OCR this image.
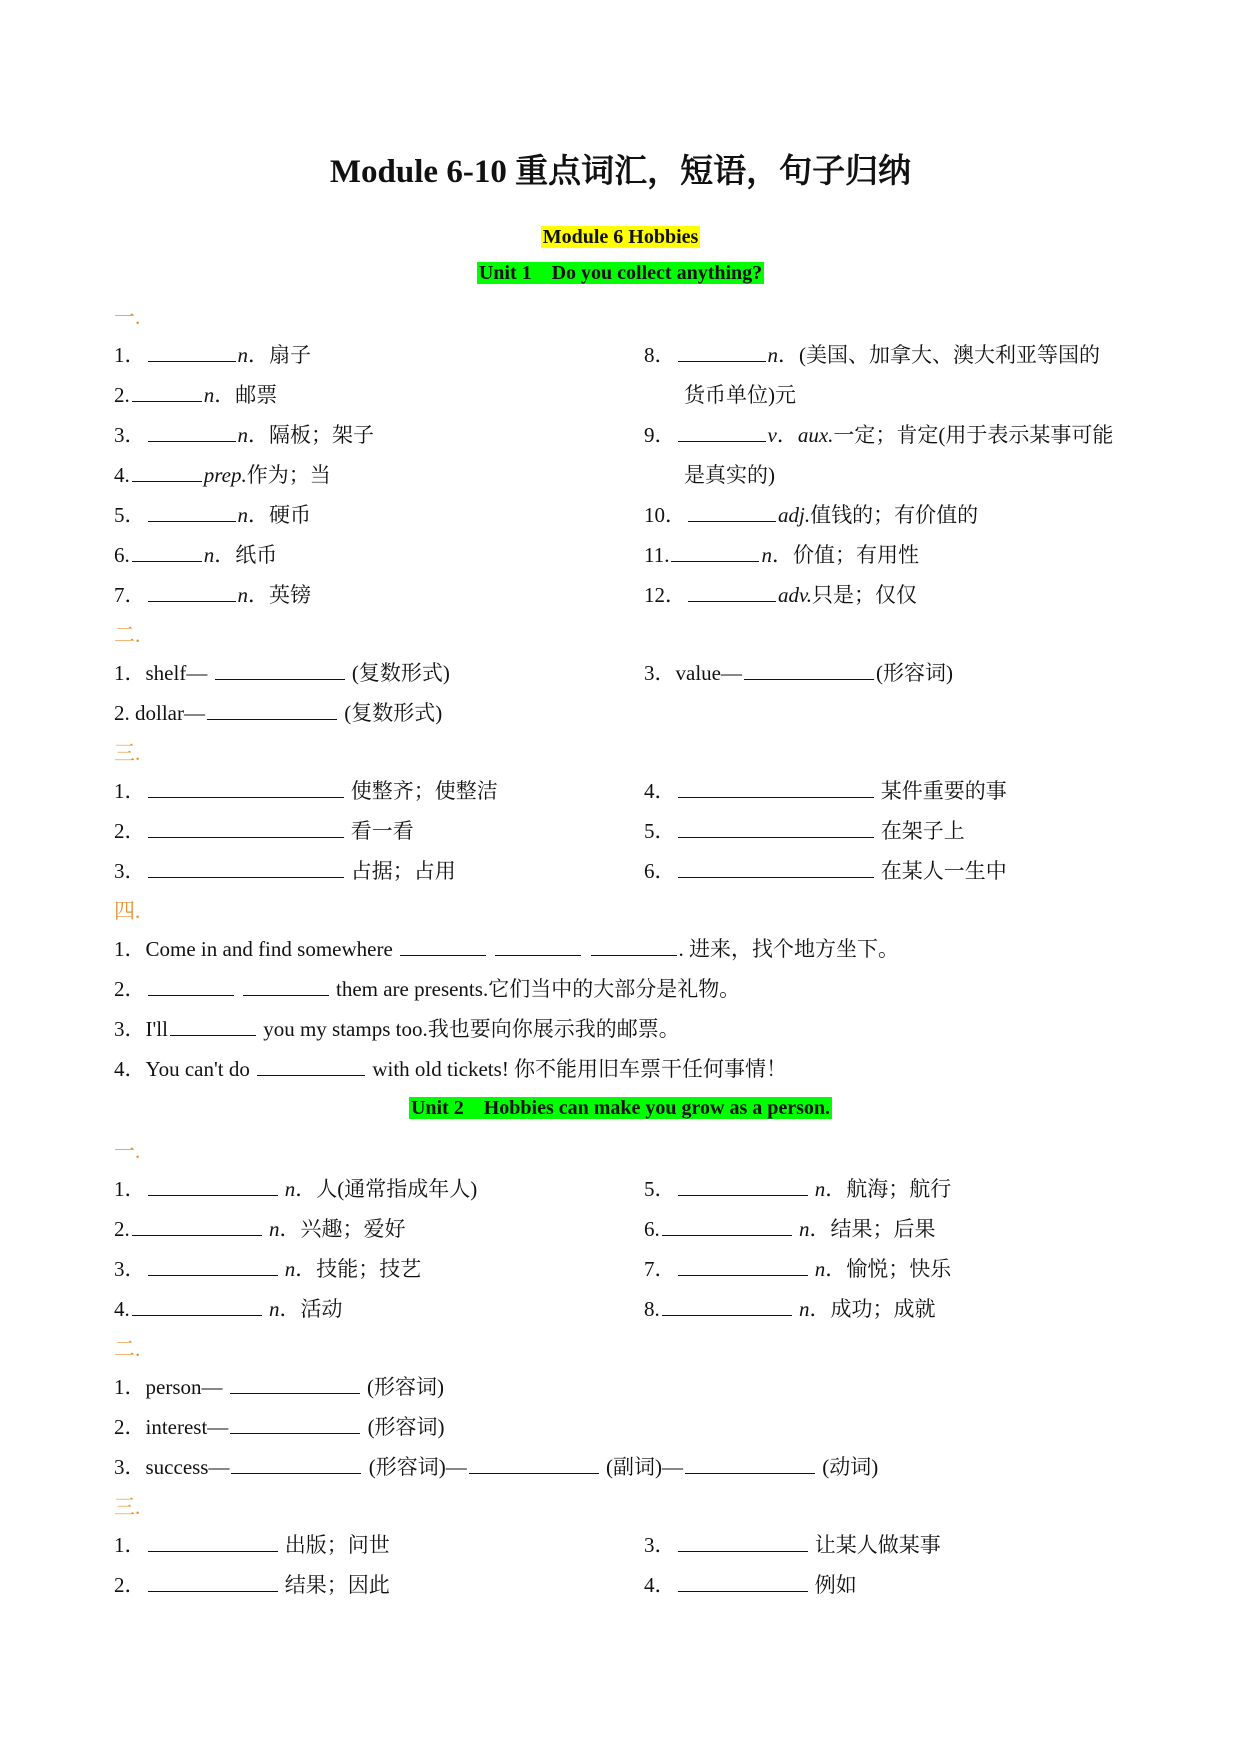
Module 6-10 重点词汇，短语，句子归纳
Module 6 Hobbies
Unit 1　Do you collect anything?
一.
1．	n．扇子
2.	n．邮票
3．	n．隔板；架子
4.	prep.作为；当
5．	n．硬币
6.	n．纸币
7．	n．英镑
8．	n．(美国、加拿大、澳大利亚等国的
货币单位)元
9．	v．aux.一定；肯定(用于表示某事可能
是真实的)
10．	adj.值钱的；有价值的
11.	n．价值；有用性
12．	adv.只是；仅仅
二.
1．shelf—	(复数形式)
2. dollar—	(复数形式)
3．value—	(形容词)
三.
1．	使整齐；使整洁
2．	看一看
3．	占据；占用
4．	某件重要的事
5．	在架子上
6．	在某人一生中
四.
1．Come in and find somewhere	. 进来，找个地方坐下。
2．	them are presents.它们当中的大部分是礼物。
3．I'll	you my stamps too.我也要向你展示我的邮票。
4．You can't do	with old tickets! 你不能用旧车票干任何事情！
Unit 2　Hobbies can make you grow as a person.
一.
1．	n．人(通常指成年人)
2.	n．兴趣；爱好
3．	n．技能；技艺
4.	n．活动
5．	n．航海；航行
6.	n．结果；后果
7．	n．愉悦；快乐
8.	n．成功；成就
二.
1．person—	(形容词)
2．interest—	(形容词)
3．success—	(形容词)—	(副词)—	(动词)
三.
1．	出版；问世
2．	结果；因此
3．	让某人做某事
4．	例如
